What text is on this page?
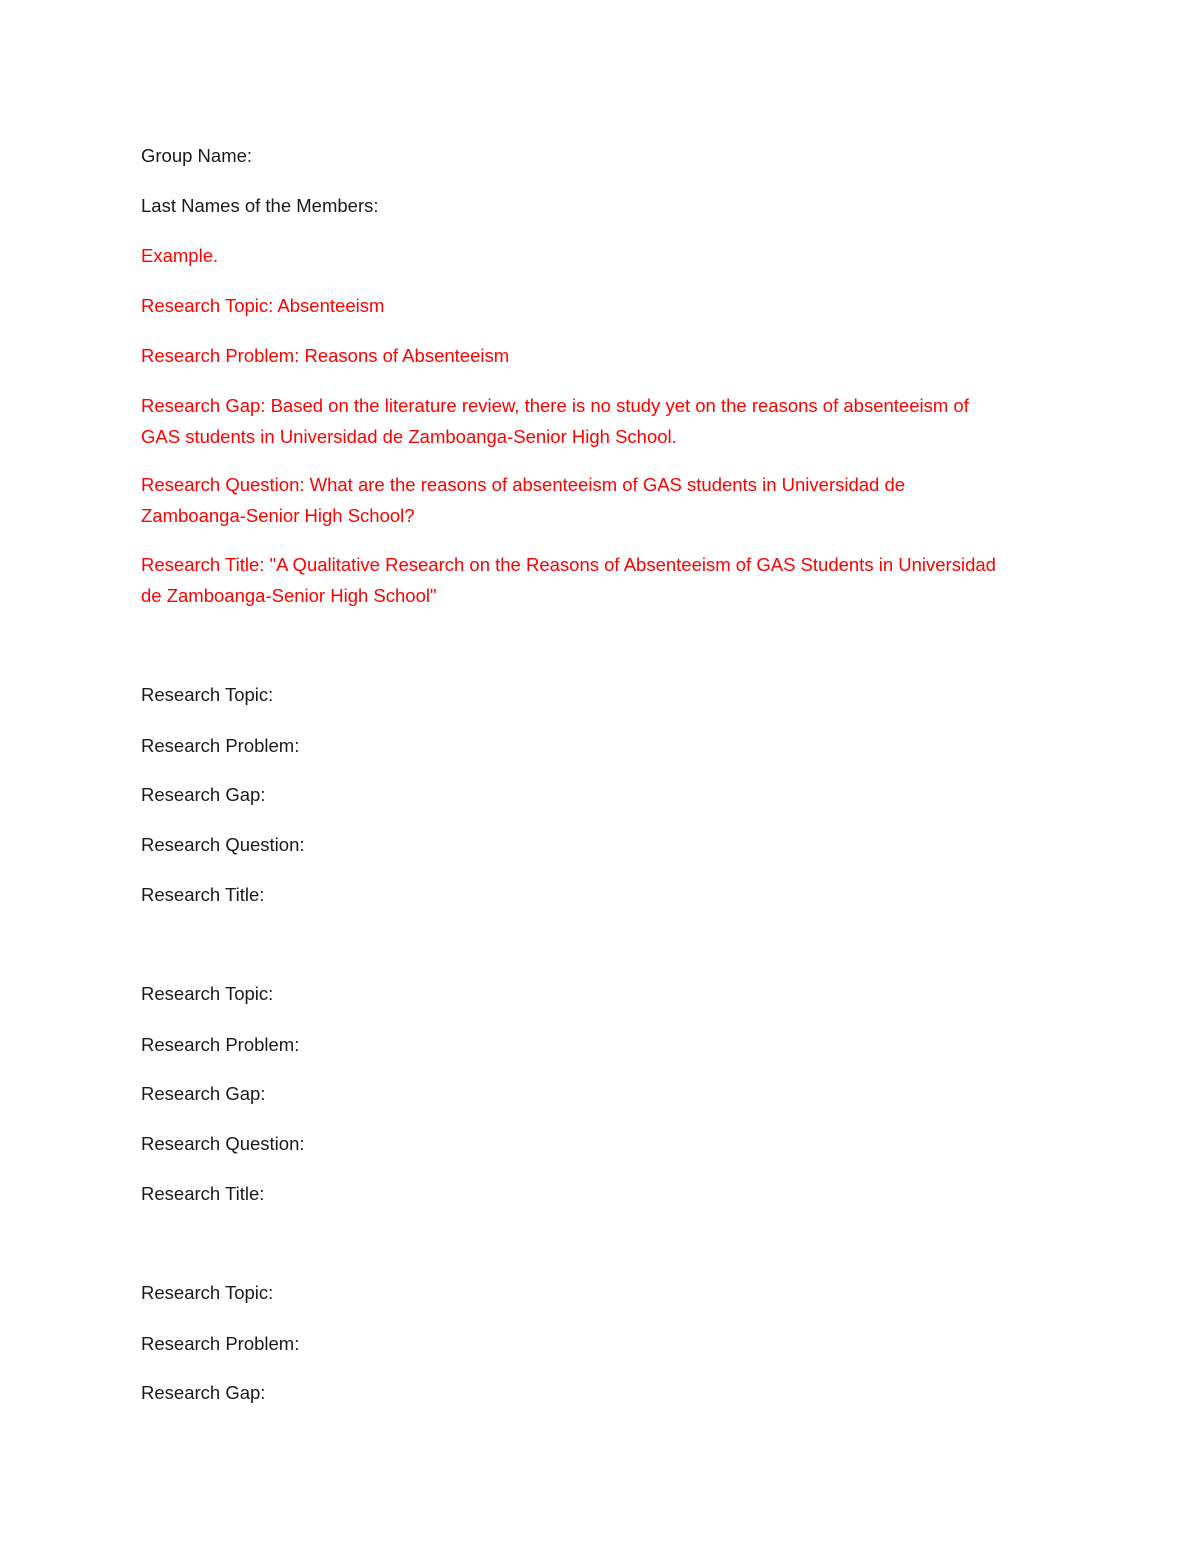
Group Name:
Last Names of the Members:
Example.
Research Topic: Absenteeism
Research Problem: Reasons of Absenteeism
Research Gap: Based on the literature review, there is no study yet on the reasons of absenteeism of
GAS students in Universidad de Zamboanga-Senior High School.
Research Question: What are the reasons of absenteeism of GAS students in Universidad de
Zamboanga-Senior High School?
Research Title: "A Qualitative Research on the Reasons of Absenteeism of GAS Students in Universidad
de Zamboanga-Senior High School"
Research Topic:
Research Problem:
Research Gap:
Research Question:
Research Title:
Research Topic:
Research Problem:
Research Gap:
Research Question:
Research Title:
Research Topic:
Research Problem:
Research Gap:
